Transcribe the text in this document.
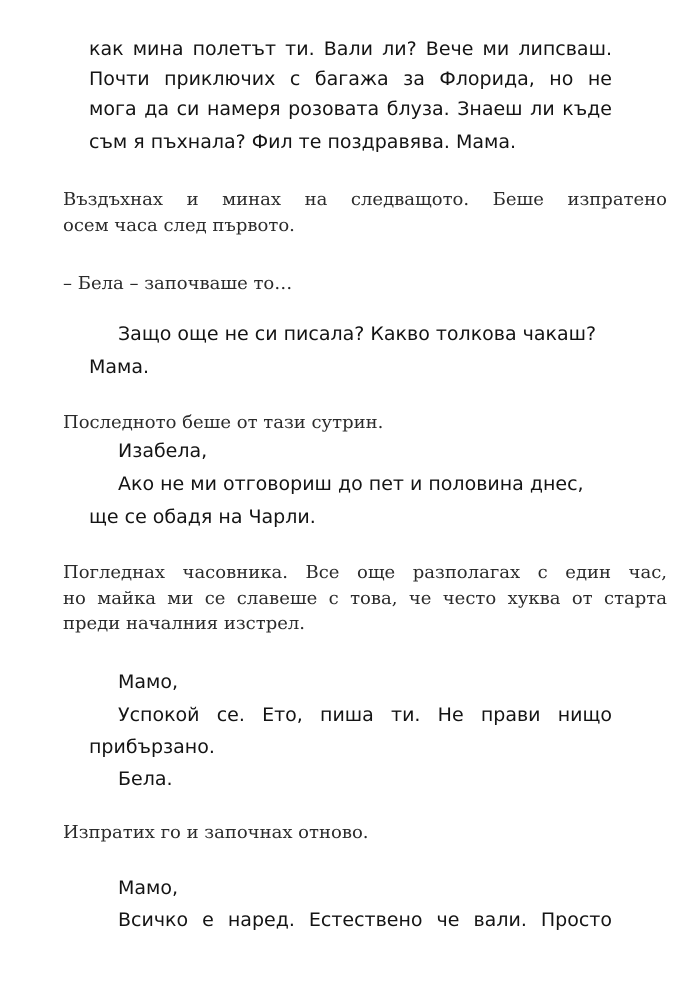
как мина полетът ти. Вали ли? Вече ми липсваш.
Почти приключих с багажа за Флорида, но не
мога да си намеря розовата блуза. Знаеш ли къде
съм я пъхнала? Фил те поздравява. Мама.
Въздъхнах и минах на следващото. Беше изпратено
осем часа след първото.
– Бела – започваше то…
Защо още не си писала? Какво толкова чакаш?
Мама.
Последното беше от тази сутрин.
Изабела,
Ако не ми отговориш до пет и половина днес,
ще се обадя на Чарли.
Погледнах часовника. Все още разполагах с един час,
но майка ми се славеше с това, че често хуква от старта
преди началния изстрел.
Мамо,
Успокой се. Ето, пиша ти. Не прави нищо
прибързано.
Бела.
Изпратих го и започнах отново.
Мамо,
Всичко е наред. Естествено че вали. Просто
